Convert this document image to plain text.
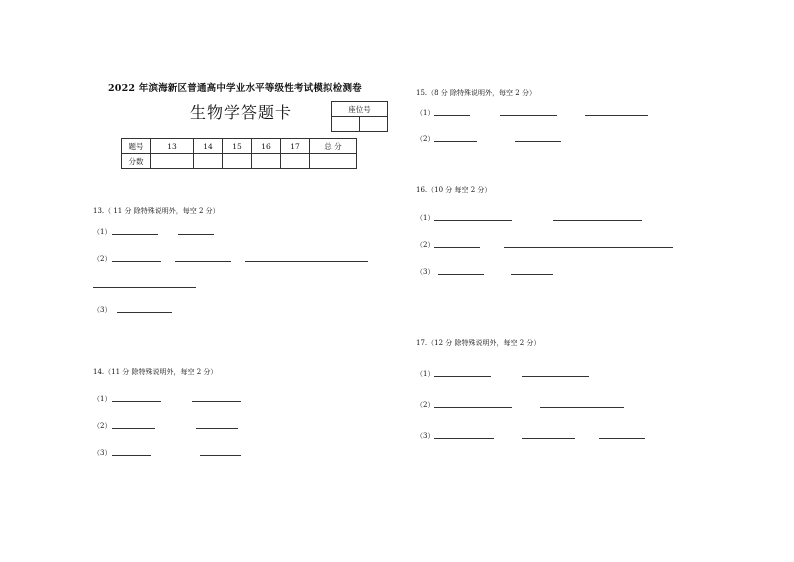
2022 年滨海新区普通高中学业水平等级性考试模拟检测卷
生物学答题卡	座位号

题号	13	14	15	16	17	总 分
分数						
13.（ 11 分 除特殊说明外，每空 2 分）
（1）
（2）
（3）
14.（11 分 除特殊说明外，每空 2 分）
（1）
（2）
（3）
15.（8 分 除特殊说明外，每空 2 分）
（1）
（2）
16.（10 分 每空 2 分）
（1）
（2）
（3）
17.（12 分 除特殊说明外，每空 2 分）
（1）
（2）
（3）
